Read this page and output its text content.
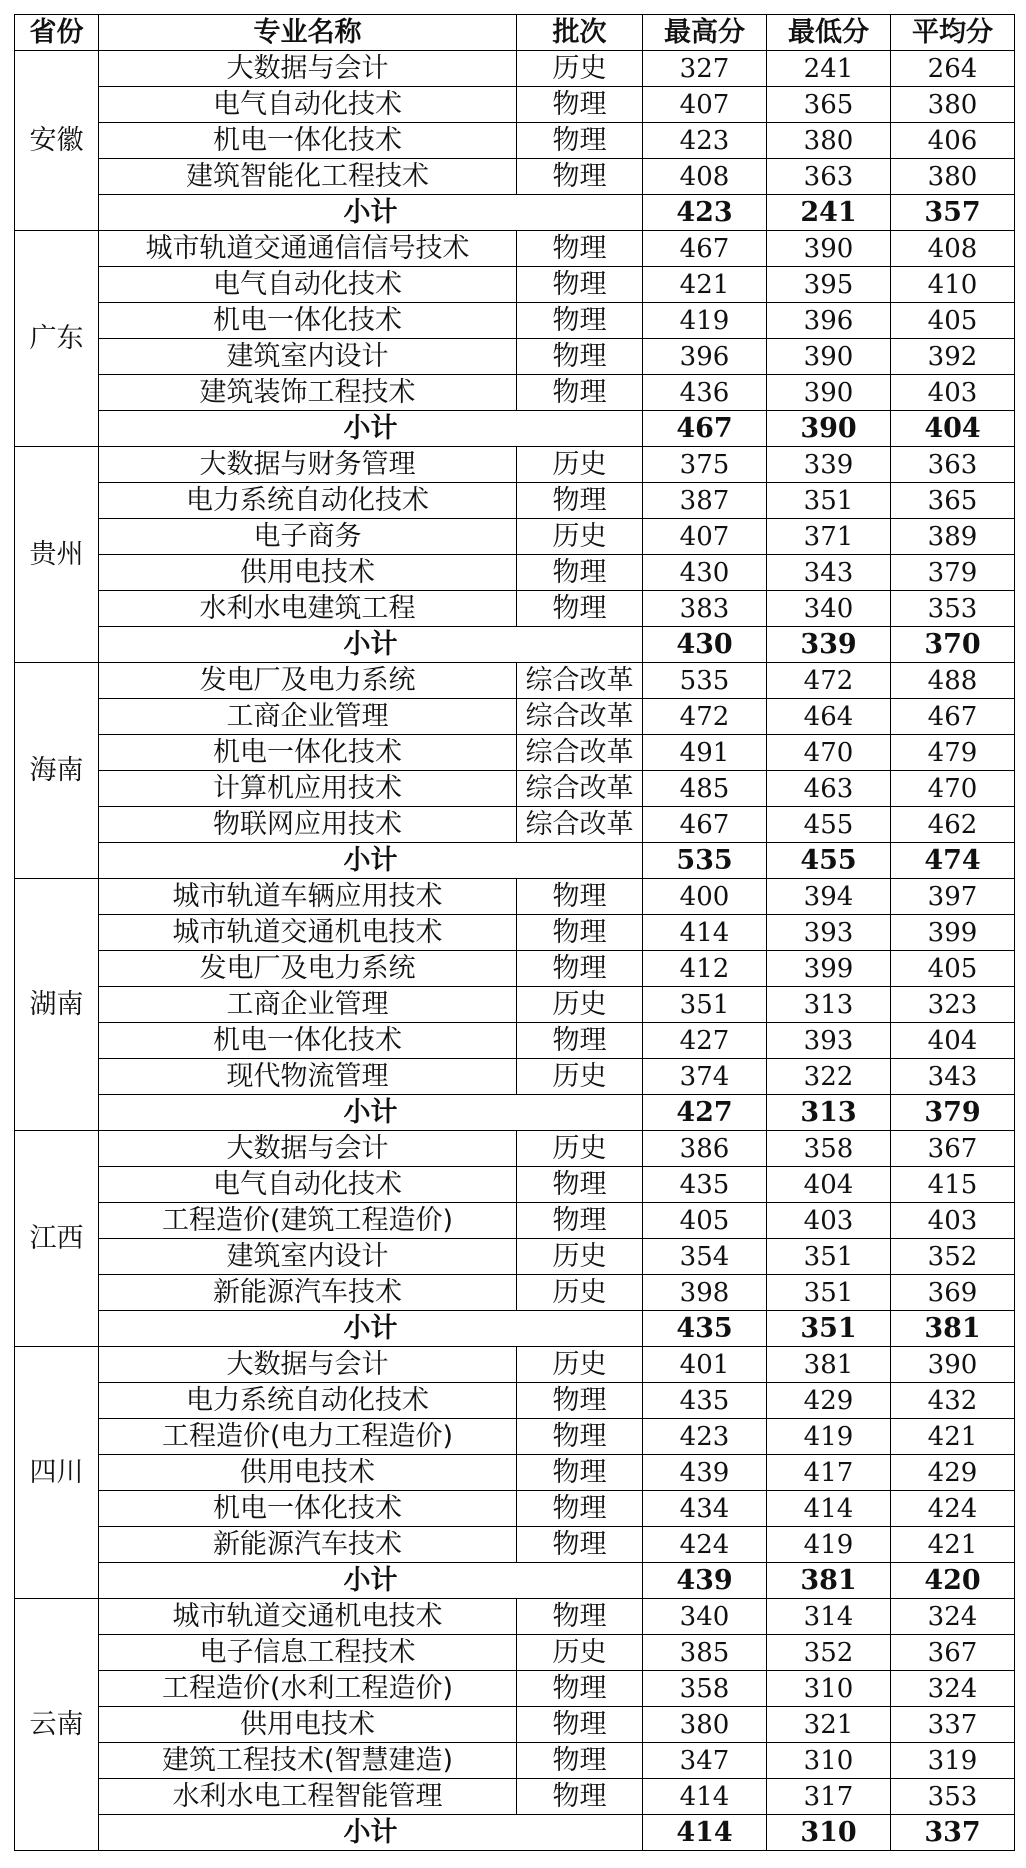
省份	专业名称	批次	最高分	最低分	平均分
安徽	大数据与会计	历史	327	241	264
	电气自动化技术	物理	407	365	380
	机电一体化技术	物理	423	380	406
	建筑智能化工程技术	物理	408	363	380
	小计		423	241	357
广东	城市轨道交通通信信号技术	物理	467	390	408
	电气自动化技术	物理	421	395	410
	机电一体化技术	物理	419	396	405
	建筑室内设计	物理	396	390	392
	建筑装饰工程技术	物理	436	390	403
	小计		467	390	404
贵州	大数据与财务管理	历史	375	339	363
	电力系统自动化技术	物理	387	351	365
	电子商务	历史	407	371	389
	供用电技术	物理	430	343	379
	水利水电建筑工程	物理	383	340	353
	小计		430	339	370
海南	发电厂及电力系统	综合改革	535	472	488
	工商企业管理	综合改革	472	464	467
	机电一体化技术	综合改革	491	470	479
	计算机应用技术	综合改革	485	463	470
	物联网应用技术	综合改革	467	455	462
	小计		535	455	474
湖南	城市轨道车辆应用技术	物理	400	394	397
	城市轨道交通机电技术	物理	414	393	399
	发电厂及电力系统	物理	412	399	405
	工商企业管理	历史	351	313	323
	机电一体化技术	物理	427	393	404
	现代物流管理	历史	374	322	343
	小计		427	313	379
江西	大数据与会计	历史	386	358	367
	电气自动化技术	物理	435	404	415
	工程造价(建筑工程造价)	物理	405	403	403
	建筑室内设计	历史	354	351	352
	新能源汽车技术	历史	398	351	369
	小计		435	351	381
四川	大数据与会计	历史	401	381	390
	电力系统自动化技术	物理	435	429	432
	工程造价(电力工程造价)	物理	423	419	421
	供用电技术	物理	439	417	429
	机电一体化技术	物理	434	414	424
	新能源汽车技术	物理	424	419	421
	小计		439	381	420
云南	城市轨道交通机电技术	物理	340	314	324
	电子信息工程技术	历史	385	352	367
	工程造价(水利工程造价)	物理	358	310	324
	供用电技术	物理	380	321	337
	建筑工程技术(智慧建造)	物理	347	310	319
	水利水电工程智能管理	物理	414	317	353
	小计		414	310	337
